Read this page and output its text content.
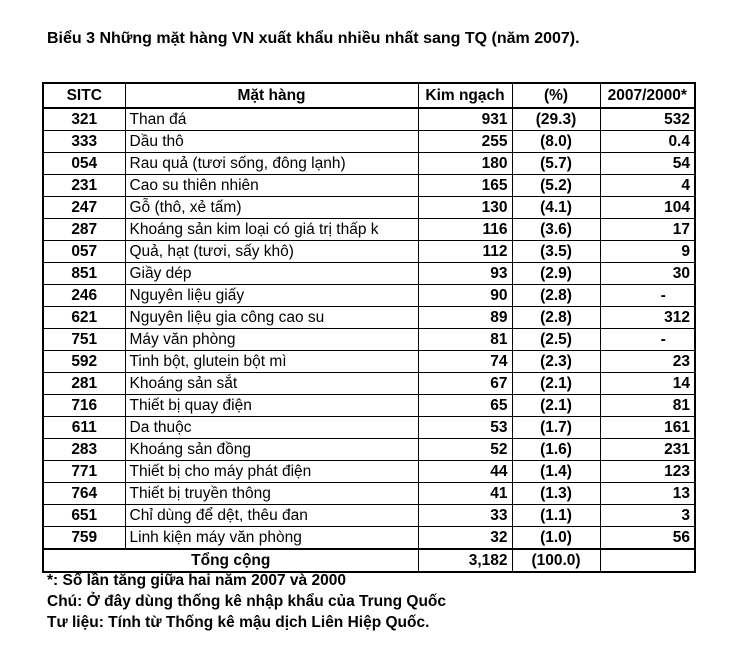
Biểu 3 Những mặt hàng VN xuất khẩu nhiều nhất sang TQ (năm 2007).
SITC	Mặt hàng	Kim ngạch	(%)	2007/2000*
321	Than đá	931	(29.3)	532
333	Dầu thô	255	(8.0)	0.4
054	Rau quả (tươi sống, đông lạnh)	180	(5.7)	54
231	Cao su thiên nhiên	165	(5.2)	4
247	Gỗ (thô, xẻ tấm)	130	(4.1)	104
287	Khoáng sản kim loại có giá trị thấp k	116	(3.6)	17
057	Quả, hạt (tươi, sấy khô)	112	(3.5)	9
851	Giầy dép	93	(2.9)	30
246	Nguyên liệu giấy	90	(2.8)	-
621	Nguyên liệu gia công cao su	89	(2.8)	312
751	Máy văn phòng	81	(2.5)	-
592	Tinh bột, glutein bột mì	74	(2.3)	23
281	Khoáng sản sắt	67	(2.1)	14
716	Thiết bị quay điện	65	(2.1)	81
611	Da thuộc	53	(1.7)	161
283	Khoáng sản đồng	52	(1.6)	231
771	Thiết bị cho máy phát điện	44	(1.4)	123
764	Thiết bị truyền thông	41	(1.3)	13
651	Chỉ dùng để dệt, thêu đan	33	(1.1)	3
759	Linh kiện máy văn phòng	32	(1.0)	56
Tổng cộng		3,182	(100.0)	
*: Số lần tăng giữa hai năm 2007 và 2000
Chú: Ở đây dùng thống kê nhập khẩu của Trung Quốc
Tư liệu: Tính từ Thống kê mậu dịch Liên Hiệp Quốc.
